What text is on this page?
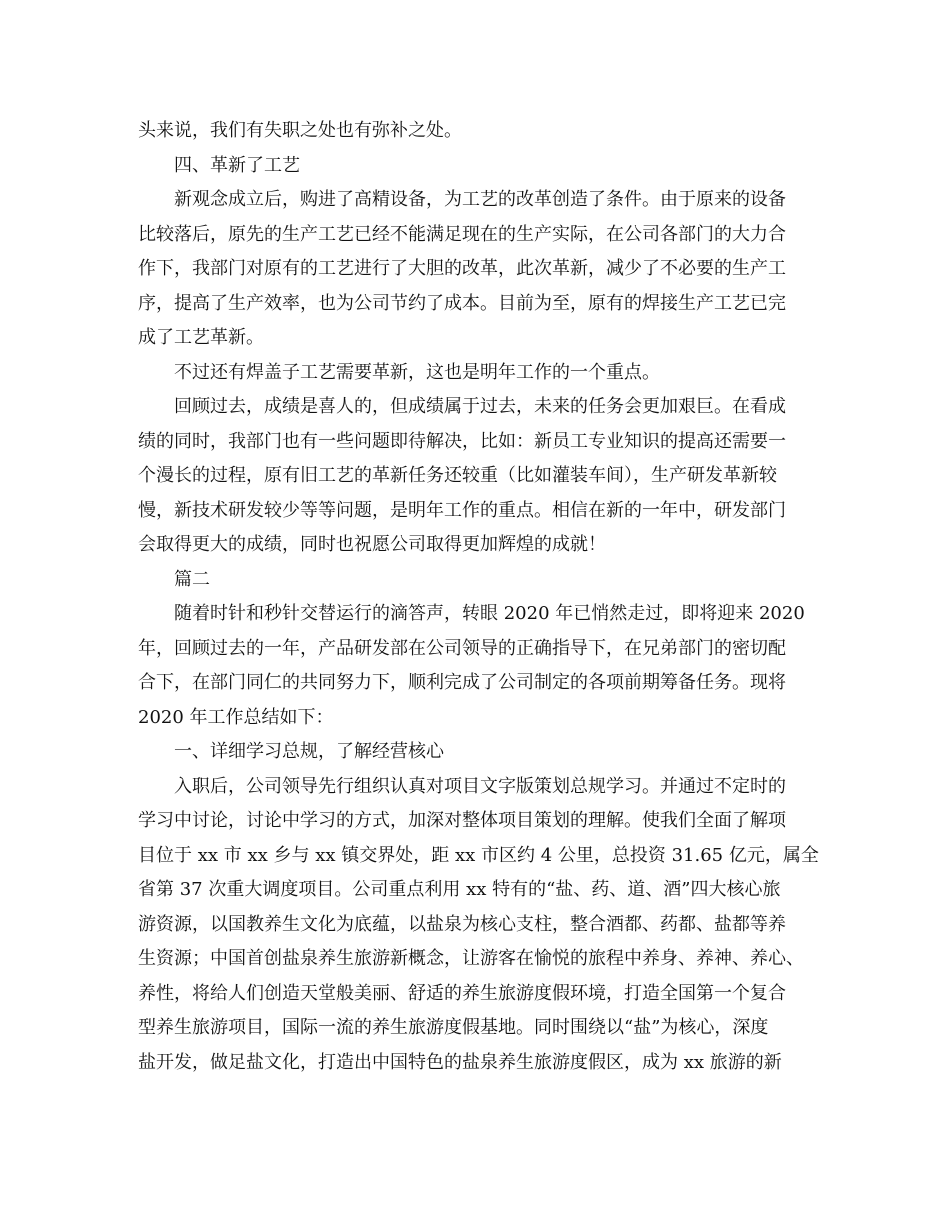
头来说，我们有失职之处也有弥补之处。
四、革新了工艺
新观念成立后，购进了高精设备，为工艺的改革创造了条件。由于原来的设备
比较落后，原先的生产工艺已经不能满足现在的生产实际，在公司各部门的大力合
作下，我部门对原有的工艺进行了大胆的改革，此次革新，减少了不必要的生产工
序，提高了生产效率，也为公司节约了成本。目前为至，原有的焊接生产工艺已完
成了工艺革新。
不过还有焊盖子工艺需要革新，这也是明年工作的一个重点。
回顾过去，成绩是喜人的，但成绩属于过去，未来的任务会更加艰巨。在看成
绩的同时，我部门也有一些问题即待解决，比如：新员工专业知识的提高还需要一
个漫长的过程，原有旧工艺的革新任务还较重（比如灌装车间），生产研发革新较
慢，新技术研发较少等等问题，是明年工作的重点。相信在新的一年中，研发部门
会取得更大的成绩，同时也祝愿公司取得更加辉煌的成就！
篇二
随着时针和秒针交替运行的滴答声，转眼 2020 年已悄然走过，即将迎来 2020
年，回顾过去的一年，产品研发部在公司领导的正确指导下，在兄弟部门的密切配
合下，在部门同仁的共同努力下，顺利完成了公司制定的各项前期筹备任务。现将
2020 年工作总结如下：
一、详细学习总规，了解经营核心
入职后，公司领导先行组织认真对项目文字版策划总规学习。并通过不定时的
学习中讨论，讨论中学习的方式，加深对整体项目策划的理解。使我们全面了解项
目位于 xx 市 xx 乡与 xx 镇交界处，距 xx 市区约 4 公里，总投资 31.65 亿元，属全
省第 37 次重大调度项目。公司重点利用 xx 特有的“盐、药、道、酒”四大核心旅
游资源，以国教养生文化为底蕴，以盐泉为核心支柱，整合酒都、药都、盐都等养
生资源；中国首创盐泉养生旅游新概念，让游客在愉悦的旅程中养身、养神、养心、
养性，将给人们创造天堂般美丽、舒适的养生旅游度假环境，打造全国第一个复合
型养生旅游项目，国际一流的养生旅游度假基地。同时围绕以“盐”为核心，深度
盐开发，做足盐文化，打造出中国特色的盐泉养生旅游度假区，成为 xx 旅游的新
